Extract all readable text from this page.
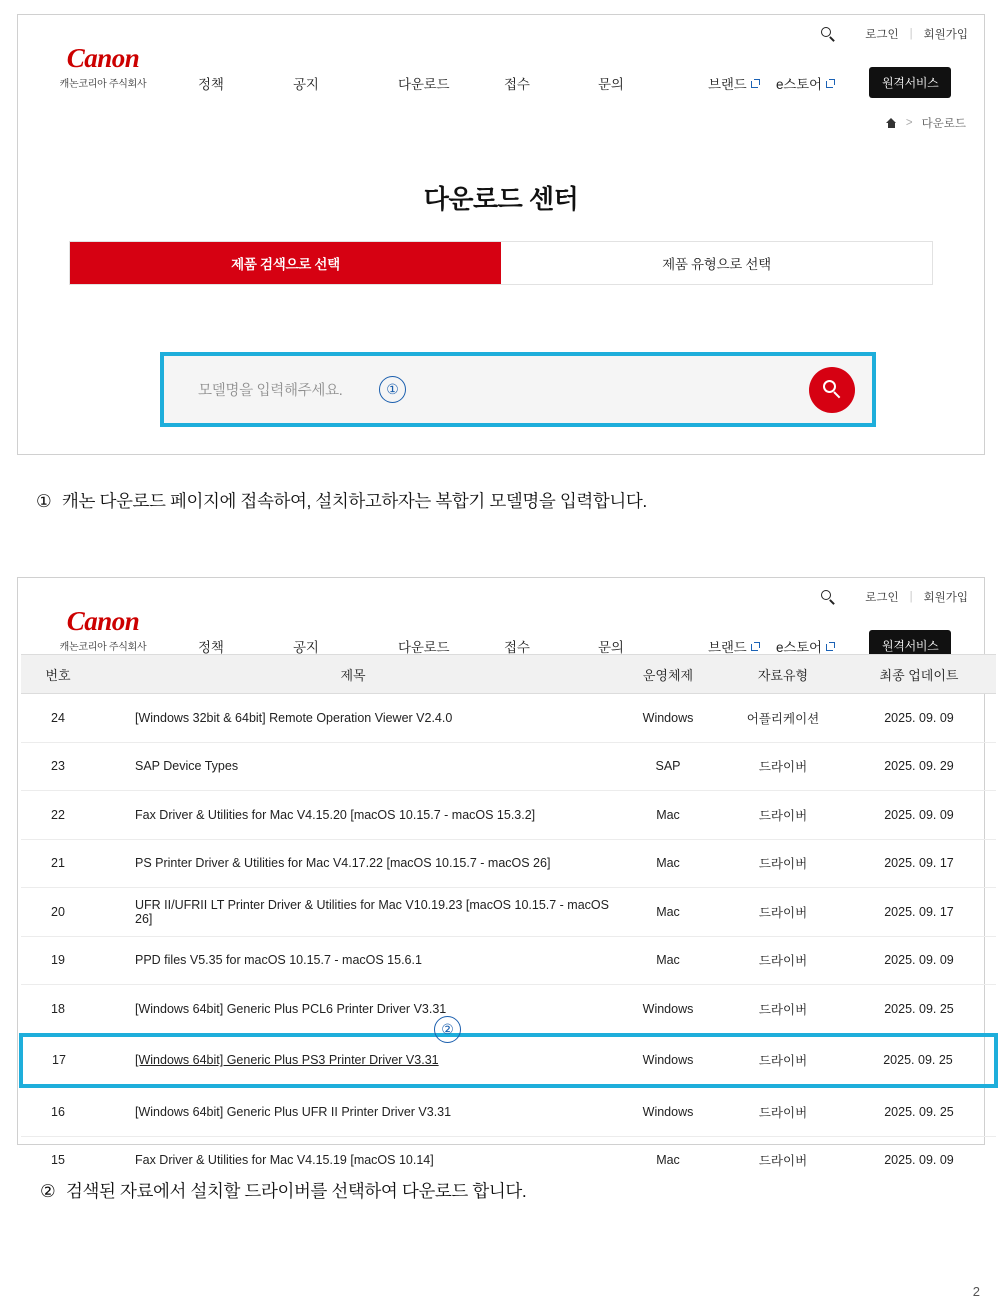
로그인 | 회원가입
Canon
캐논코리아 주식회사	정책	공지	다운로드	접수	문의	브랜드	e스토어	원격서비스
> 다운로드
다운로드 센터
제품 검색으로 선택	제품 유형으로 선택
모델명을 입력해주세요.	①
① 캐논 다운로드 페이지에 접속하여, 설치하고하자는 복합기 모델명을 입력합니다.
로그인 | 회원가입
Canon
캐논코리아 주식회사	정책	공지	다운로드	접수	문의	브랜드	e스토어	원격서비스
번호	제목	운영체제	자료유형	최종 업데이트
24	[Windows 32bit & 64bit] Remote Operation Viewer V2.4.0	Windows	어플리케이션	2025. 09. 09
23	SAP Device Types	SAP	드라이버	2025. 09. 29
22	Fax Driver & Utilities for Mac V4.15.20 [macOS 10.15.7 - macOS 15.3.2]	Mac	드라이버	2025. 09. 09
21	PS Printer Driver & Utilities for Mac V4.17.22 [macOS 10.15.7 - macOS 26]	Mac	드라이버	2025. 09. 17
20	UFR II/UFRII LT Printer Driver & Utilities for Mac V10.19.23 [macOS 10.15.7 - macOS 26]	Mac	드라이버	2025. 09. 17
19	PPD files V5.35 for macOS 10.15.7 - macOS 15.6.1	Mac	드라이버	2025. 09. 09
18	[Windows 64bit] Generic Plus PCL6 Printer Driver V3.31	Windows	드라이버	2025. 09. 25
17	[Windows 64bit] Generic Plus PS3 Printer Driver V3.31	Windows	드라이버	2025. 09. 25
16	[Windows 64bit] Generic Plus UFR II Printer Driver V3.31	Windows	드라이버	2025. 09. 25
15	Fax Driver & Utilities for Mac V4.15.19 [macOS 10.14]	Mac	드라이버	2025. 09. 09
②
② 검색된 자료에서 설치할 드라이버를 선택하여 다운로드 합니다.
2
